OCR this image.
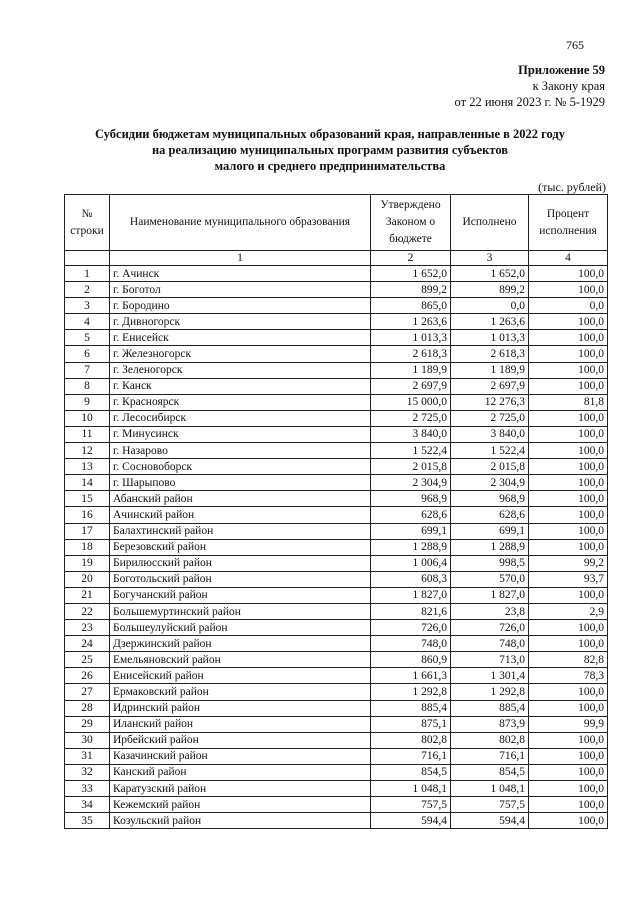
765
Приложение 59
к Закону края
от 22 июня 2023 г. № 5-1929
Субсидии бюджетам муниципальных образований края, направленные в 2022 году
на реализацию муниципальных программ развития субъектов
малого и среднего предпринимательства
(тыс. рублей)
№ строки	Наименование муниципального образования	Утверждено Законом о бюджете	Исполнено	Процент исполнения
	1	2	3	4
1	г. Ачинск	1 652,0	1 652,0	100,0
2	г. Боготол	899,2	899,2	100,0
3	г. Бородино	865,0	0,0	0,0
4	г. Дивногорск	1 263,6	1 263,6	100,0
5	г. Енисейск	1 013,3	1 013,3	100,0
6	г. Железногорск	2 618,3	2 618,3	100,0
7	г. Зеленогорск	1 189,9	1 189,9	100,0
8	г. Канск	2 697,9	2 697,9	100,0
9	г. Красноярск	15 000,0	12 276,3	81,8
10	г. Лесосибирск	2 725,0	2 725,0	100,0
11	г. Минусинск	3 840,0	3 840,0	100,0
12	г. Назарово	1 522,4	1 522,4	100,0
13	г. Сосновоборск	2 015,8	2 015,8	100,0
14	г. Шарыпово	2 304,9	2 304,9	100,0
15	Абанский район	968,9	968,9	100,0
16	Ачинский район	628,6	628,6	100,0
17	Балахтинский район	699,1	699,1	100,0
18	Березовский район	1 288,9	1 288,9	100,0
19	Бирилюсский район	1 006,4	998,5	99,2
20	Боготольский район	608,3	570,0	93,7
21	Богучанский район	1 827,0	1 827,0	100,0
22	Большемуртинский район	821,6	23,8	2,9
23	Большеулуйский район	726,0	726,0	100,0
24	Дзержинский район	748,0	748,0	100,0
25	Емельяновский район	860,9	713,0	82,8
26	Енисейский район	1 661,3	1 301,4	78,3
27	Ермаковский район	1 292,8	1 292,8	100,0
28	Идринский район	885,4	885,4	100,0
29	Иланский район	875,1	873,9	99,9
30	Ирбейский район	802,8	802,8	100,0
31	Казачинский район	716,1	716,1	100,0
32	Канский район	854,5	854,5	100,0
33	Каратузский район	1 048,1	1 048,1	100,0
34	Кежемский район	757,5	757,5	100,0
35	Козульский район	594,4	594,4	100,0
